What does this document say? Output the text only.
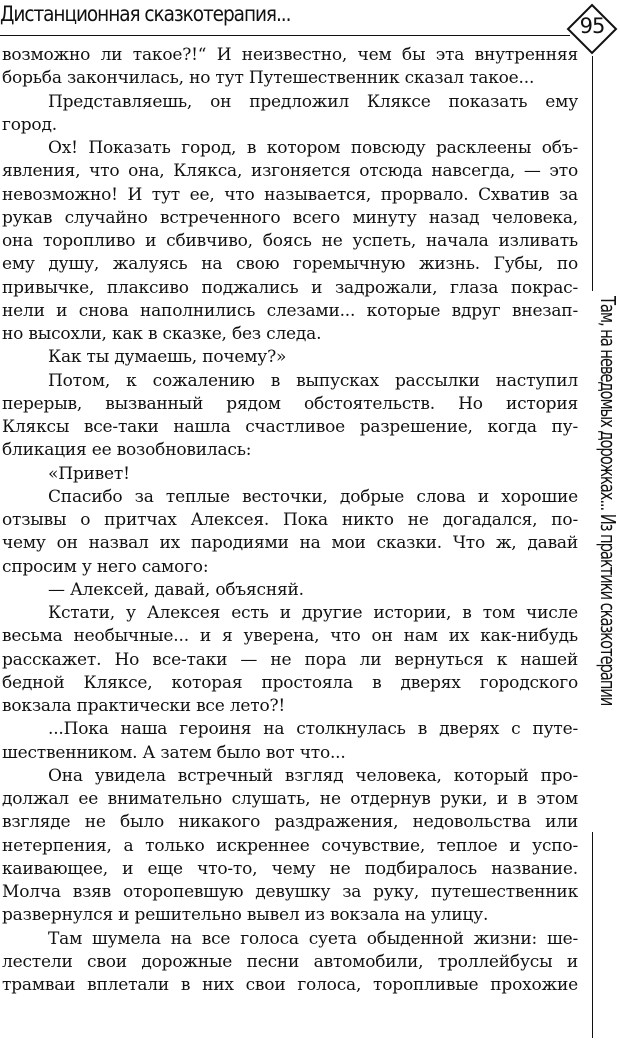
Дистанционная сказкотерапия...	95
Там, на неведомых дорожках... Из практики сказкотерапии
возможно ли такое?!“ И неизвестно, чем бы эта внутренняя
борьба закончилась, но тут Путешественник сказал такое...
Представляешь, он предложил Кляксе показать ему
город.
Ох! Показать город, в котором повсюду расклеены объ-
явления, что она, Клякса, изгоняется отсюда навсегда, — это
невозможно! И тут ее, что называется, прорвало. Схватив за
рукав случайно встреченного всего минуту назад человека,
она торопливо и сбивчиво, боясь не успеть, начала изливать
ему душу, жалуясь на свою горемычную жизнь. Губы, по
привычке, плаксиво поджались и задрожали, глаза покрас-
нели и снова наполнились слезами... которые вдруг внезап-
но высохли, как в сказке, без следа.
Как ты думаешь, почему?»
Потом, к сожалению в выпусках рассылки наступил
перерыв, вызванный рядом обстоятельств. Но история
Кляксы все-таки нашла счастливое разрешение, когда пу-
бликация ее возобновилась:
«Привет!
Спасибо за теплые весточки, добрые слова и хорошие
отзывы о притчах Алексея. Пока никто не догадался, по-
чему он назвал их пародиями на мои сказки. Что ж, давай
спросим у него самого:
— Алексей, давай, объясняй.
Кстати, у Алексея есть и другие истории, в том числе
весьма необычные... и я уверена, что он нам их как-нибудь
расскажет. Но все-таки — не пора ли вернуться к нашей
бедной Кляксе, которая простояла в дверях городского
вокзала практически все лето?!
...Пока наша героиня на столкнулась в дверях с путе-
шественником. А затем было вот что...
Она увидела встречный взгляд человека, который про-
должал ее внимательно слушать, не отдернув руки, и в этом
взгляде не было никакого раздражения, недовольства или
нетерпения, а только искреннее сочувствие, теплое и успо-
каивающее, и еще что-то, чему не подбиралось название.
Молча взяв оторопевшую девушку за руку, путешественник
развернулся и решительно вывел из вокзала на улицу.
Там шумела на все голоса суета обыденной жизни: ше-
лестели свои дорожные песни автомобили, троллейбусы и
трамваи вплетали в них свои голоса, торопливые прохожие
